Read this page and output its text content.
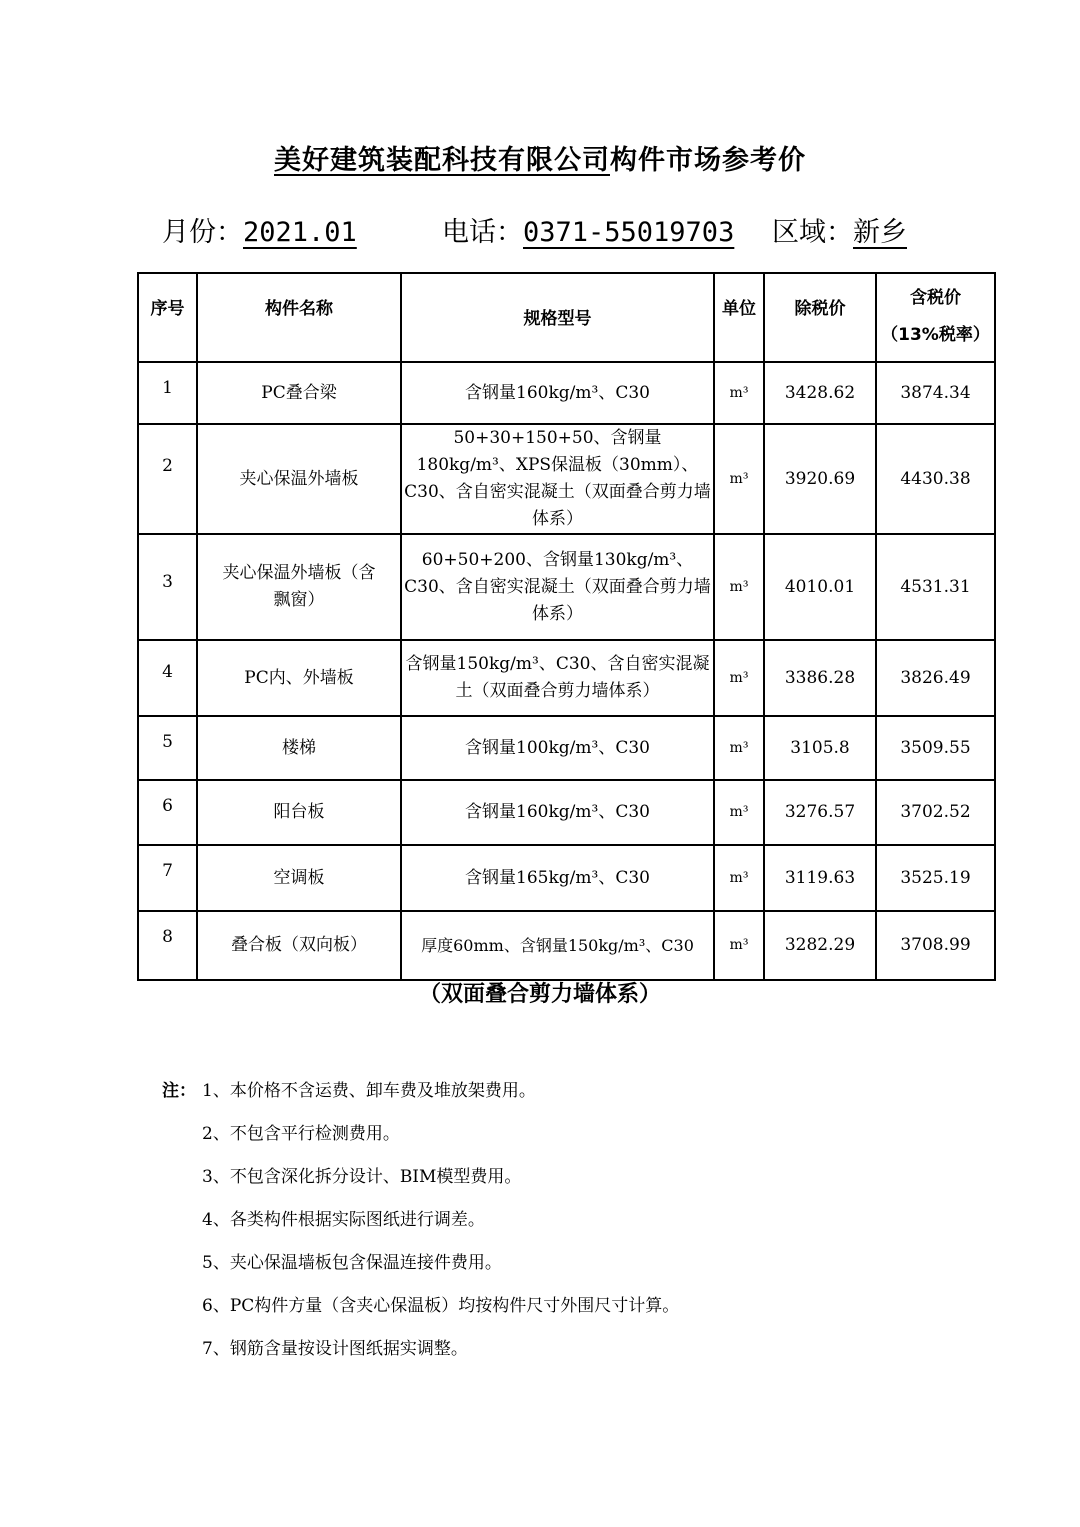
美好建筑装配科技有限公司构件市场参考价
月份：2021.01	电话：0371-55019703	区域：新乡
序号	构件名称	规格型号	单位	除税价	含税价
（13%税率）

1	PC叠合梁	含钢量160kg/m³、C30	m³	3428.62	3874.34
2	夹心保温外墙板	50+30+150+50、含钢量180kg/m³、XPS保温板（30mm）、C30、含自密实混凝土（双面叠合剪力墙体系）	m³	3920.69	4430.38
3	夹心保温外墙板（含飘窗）	60+50+200、含钢量130kg/m³、C30、含自密实混凝土（双面叠合剪力墙体系）	m³	4010.01	4531.31
4	PC内、外墙板	含钢量150kg/m³、C30、含自密实混凝土（双面叠合剪力墙体系）	m³	3386.28	3826.49
5	楼梯	含钢量100kg/m³、C30	m³	3105.8	3509.55
6	阳台板	含钢量160kg/m³、C30	m³	3276.57	3702.52
7	空调板	含钢量165kg/m³、C30	m³	3119.63	3525.19
8	叠合板（双向板）	厚度60mm、含钢量150kg/m³、C30	m³	3282.29	3708.99
（双面叠合剪力墙体系）
注： 1、本价格不含运费、卸车费及堆放架费用。
2、不包含平行检测费用。
3、不包含深化拆分设计、BIM模型费用。
4、各类构件根据实际图纸进行调差。
5、夹心保温墙板包含保温连接件费用。
6、PC构件方量（含夹心保温板）均按构件尺寸外围尺寸计算。
7、钢筋含量按设计图纸据实调整。
